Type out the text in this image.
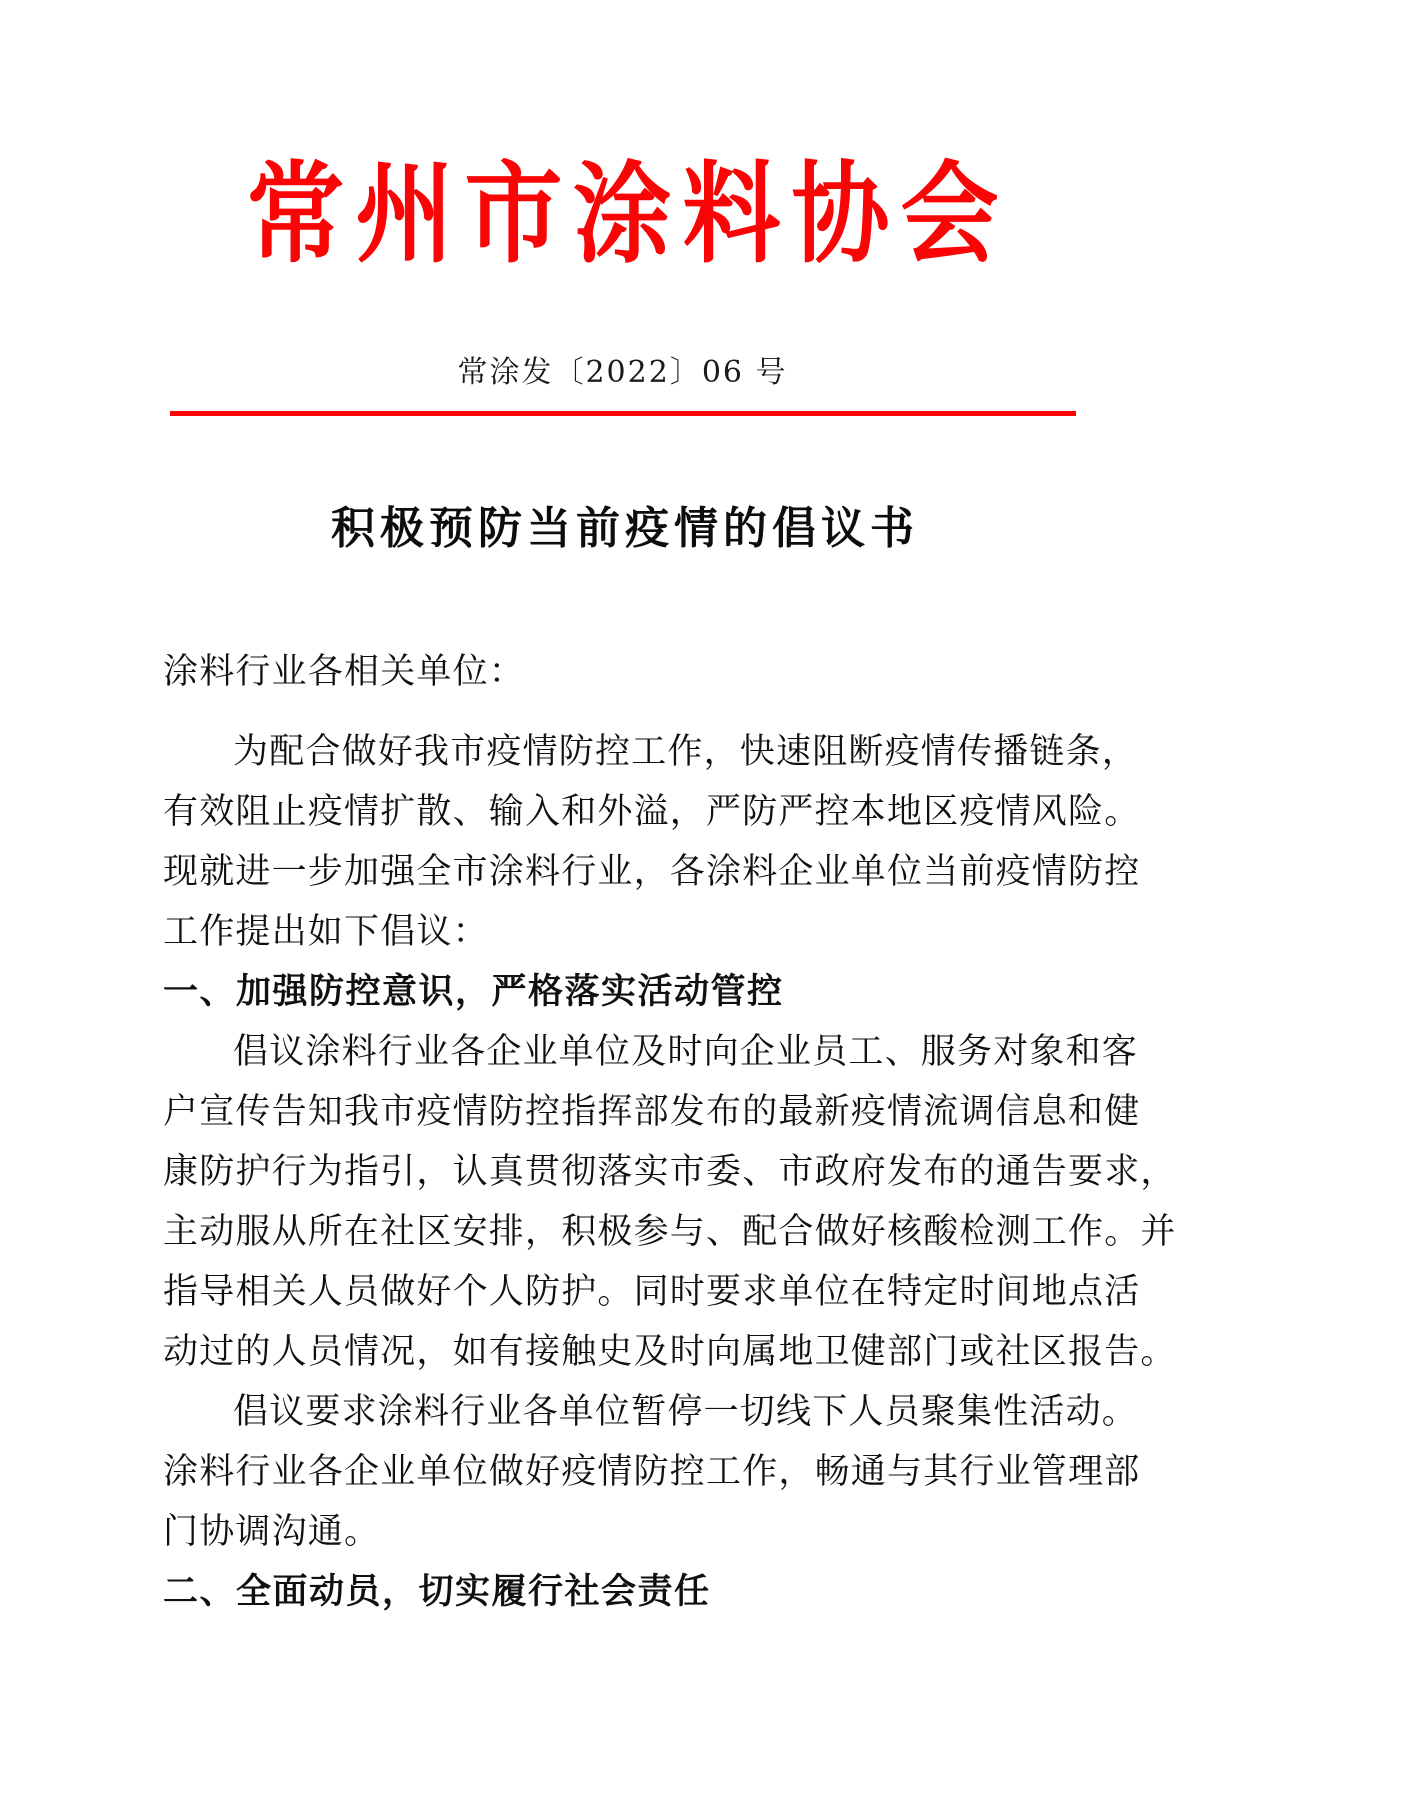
常州市涂料协会
常涂发〔2022〕06 号
积极预防当前疫情的倡议书
涂料行业各相关单位：
为配合做好我市疫情防控工作，快速阻断疫情传播链条，
有效阻止疫情扩散、输入和外溢，严防严控本地区疫情风险。
现就进一步加强全市涂料行业，各涂料企业单位当前疫情防控
工作提出如下倡议：
一、加强防控意识，严格落实活动管控
倡议涂料行业各企业单位及时向企业员工、服务对象和客
户宣传告知我市疫情防控指挥部发布的最新疫情流调信息和健
康防护行为指引，认真贯彻落实市委、市政府发布的通告要求，
主动服从所在社区安排，积极参与、配合做好核酸检测工作。并
指导相关人员做好个人防护。同时要求单位在特定时间地点活
动过的人员情况，如有接触史及时向属地卫健部门或社区报告。
倡议要求涂料行业各单位暂停一切线下人员聚集性活动。
涂料行业各企业单位做好疫情防控工作，畅通与其行业管理部
门协调沟通。
二、全面动员，切实履行社会责任
